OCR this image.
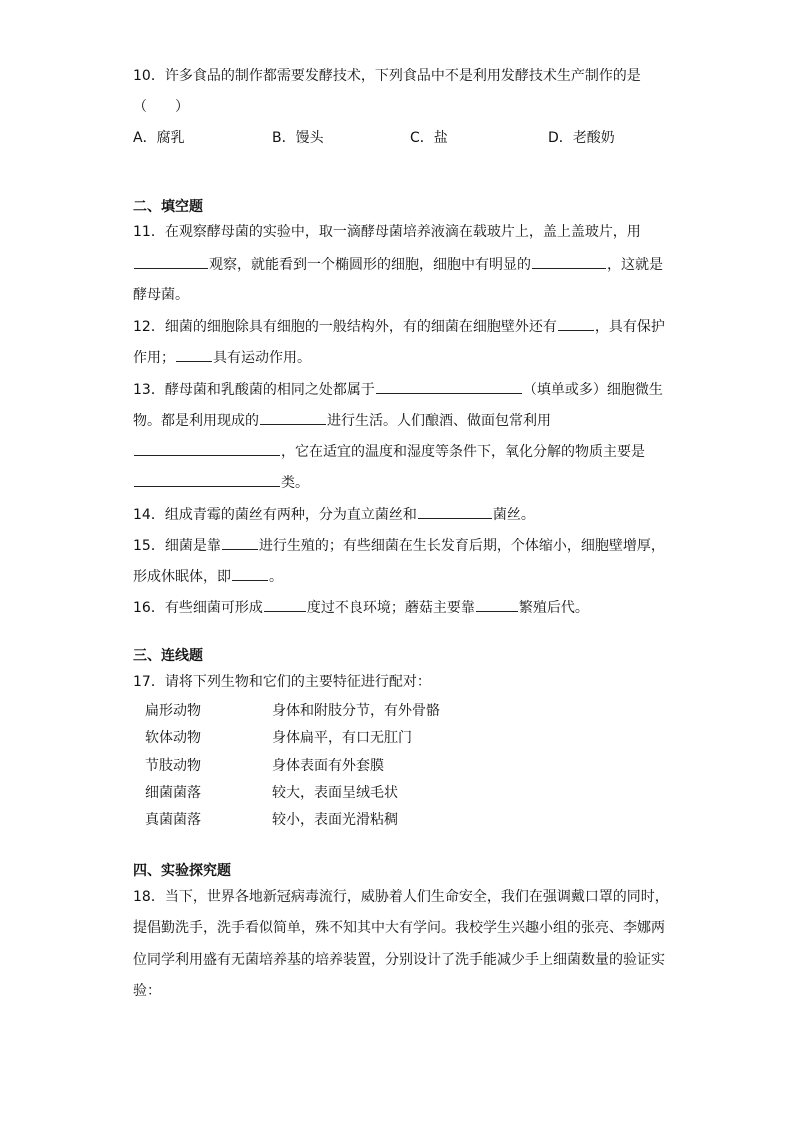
10．许多食品的制作都需要发酵技术，下列食品中不是利用发酵技术生产制作的是
（　　）
A．腐乳	B．馒头	C．盐	D．老酸奶
二、填空题
11．在观察酵母菌的实验中，取一滴酵母菌培养液滴在载玻片上，盖上盖玻片，用
观察，就能看到一个椭圆形的细胞，细胞中有明显的	，这就是
酵母菌。
12．细菌的细胞除具有细胞的一般结构外，有的细菌在细胞壁外还有	，具有保护
作用；	具有运动作用。
13．酵母菌和乳酸菌的相同之处都属于	（填单或多）细胞微生
物。都是利用现成的	进行生活。人们酿酒、做面包常利用
，它在适宜的温度和湿度等条件下，氧化分解的物质主要是
类。
14．组成青霉的菌丝有两种，分为直立菌丝和	菌丝。
15．细菌是靠	进行生殖的；有些细菌在生长发育后期，个体缩小，细胞壁增厚，
形成休眠体，即	。
16．有些细菌可形成	度过不良环境；蘑菇主要靠	繁殖后代。
三、连线题
17．请将下列生物和它们的主要特征进行配对：
扁形动物	身体和附肢分节，有外骨骼
软体动物	身体扁平，有口无肛门
节肢动物	身体表面有外套膜
细菌菌落	较大，表面呈绒毛状
真菌菌落	较小，表面光滑粘稠
四、实验探究题
18．当下，世界各地新冠病毒流行，威胁着人们生命安全，我们在强调戴口罩的同时，
提倡勤洗手，洗手看似简单，殊不知其中大有学问。我校学生兴趣小组的张亮、李娜两
位同学利用盛有无菌培养基的培养装置，分别设计了洗手能减少手上细菌数量的验证实
验：
